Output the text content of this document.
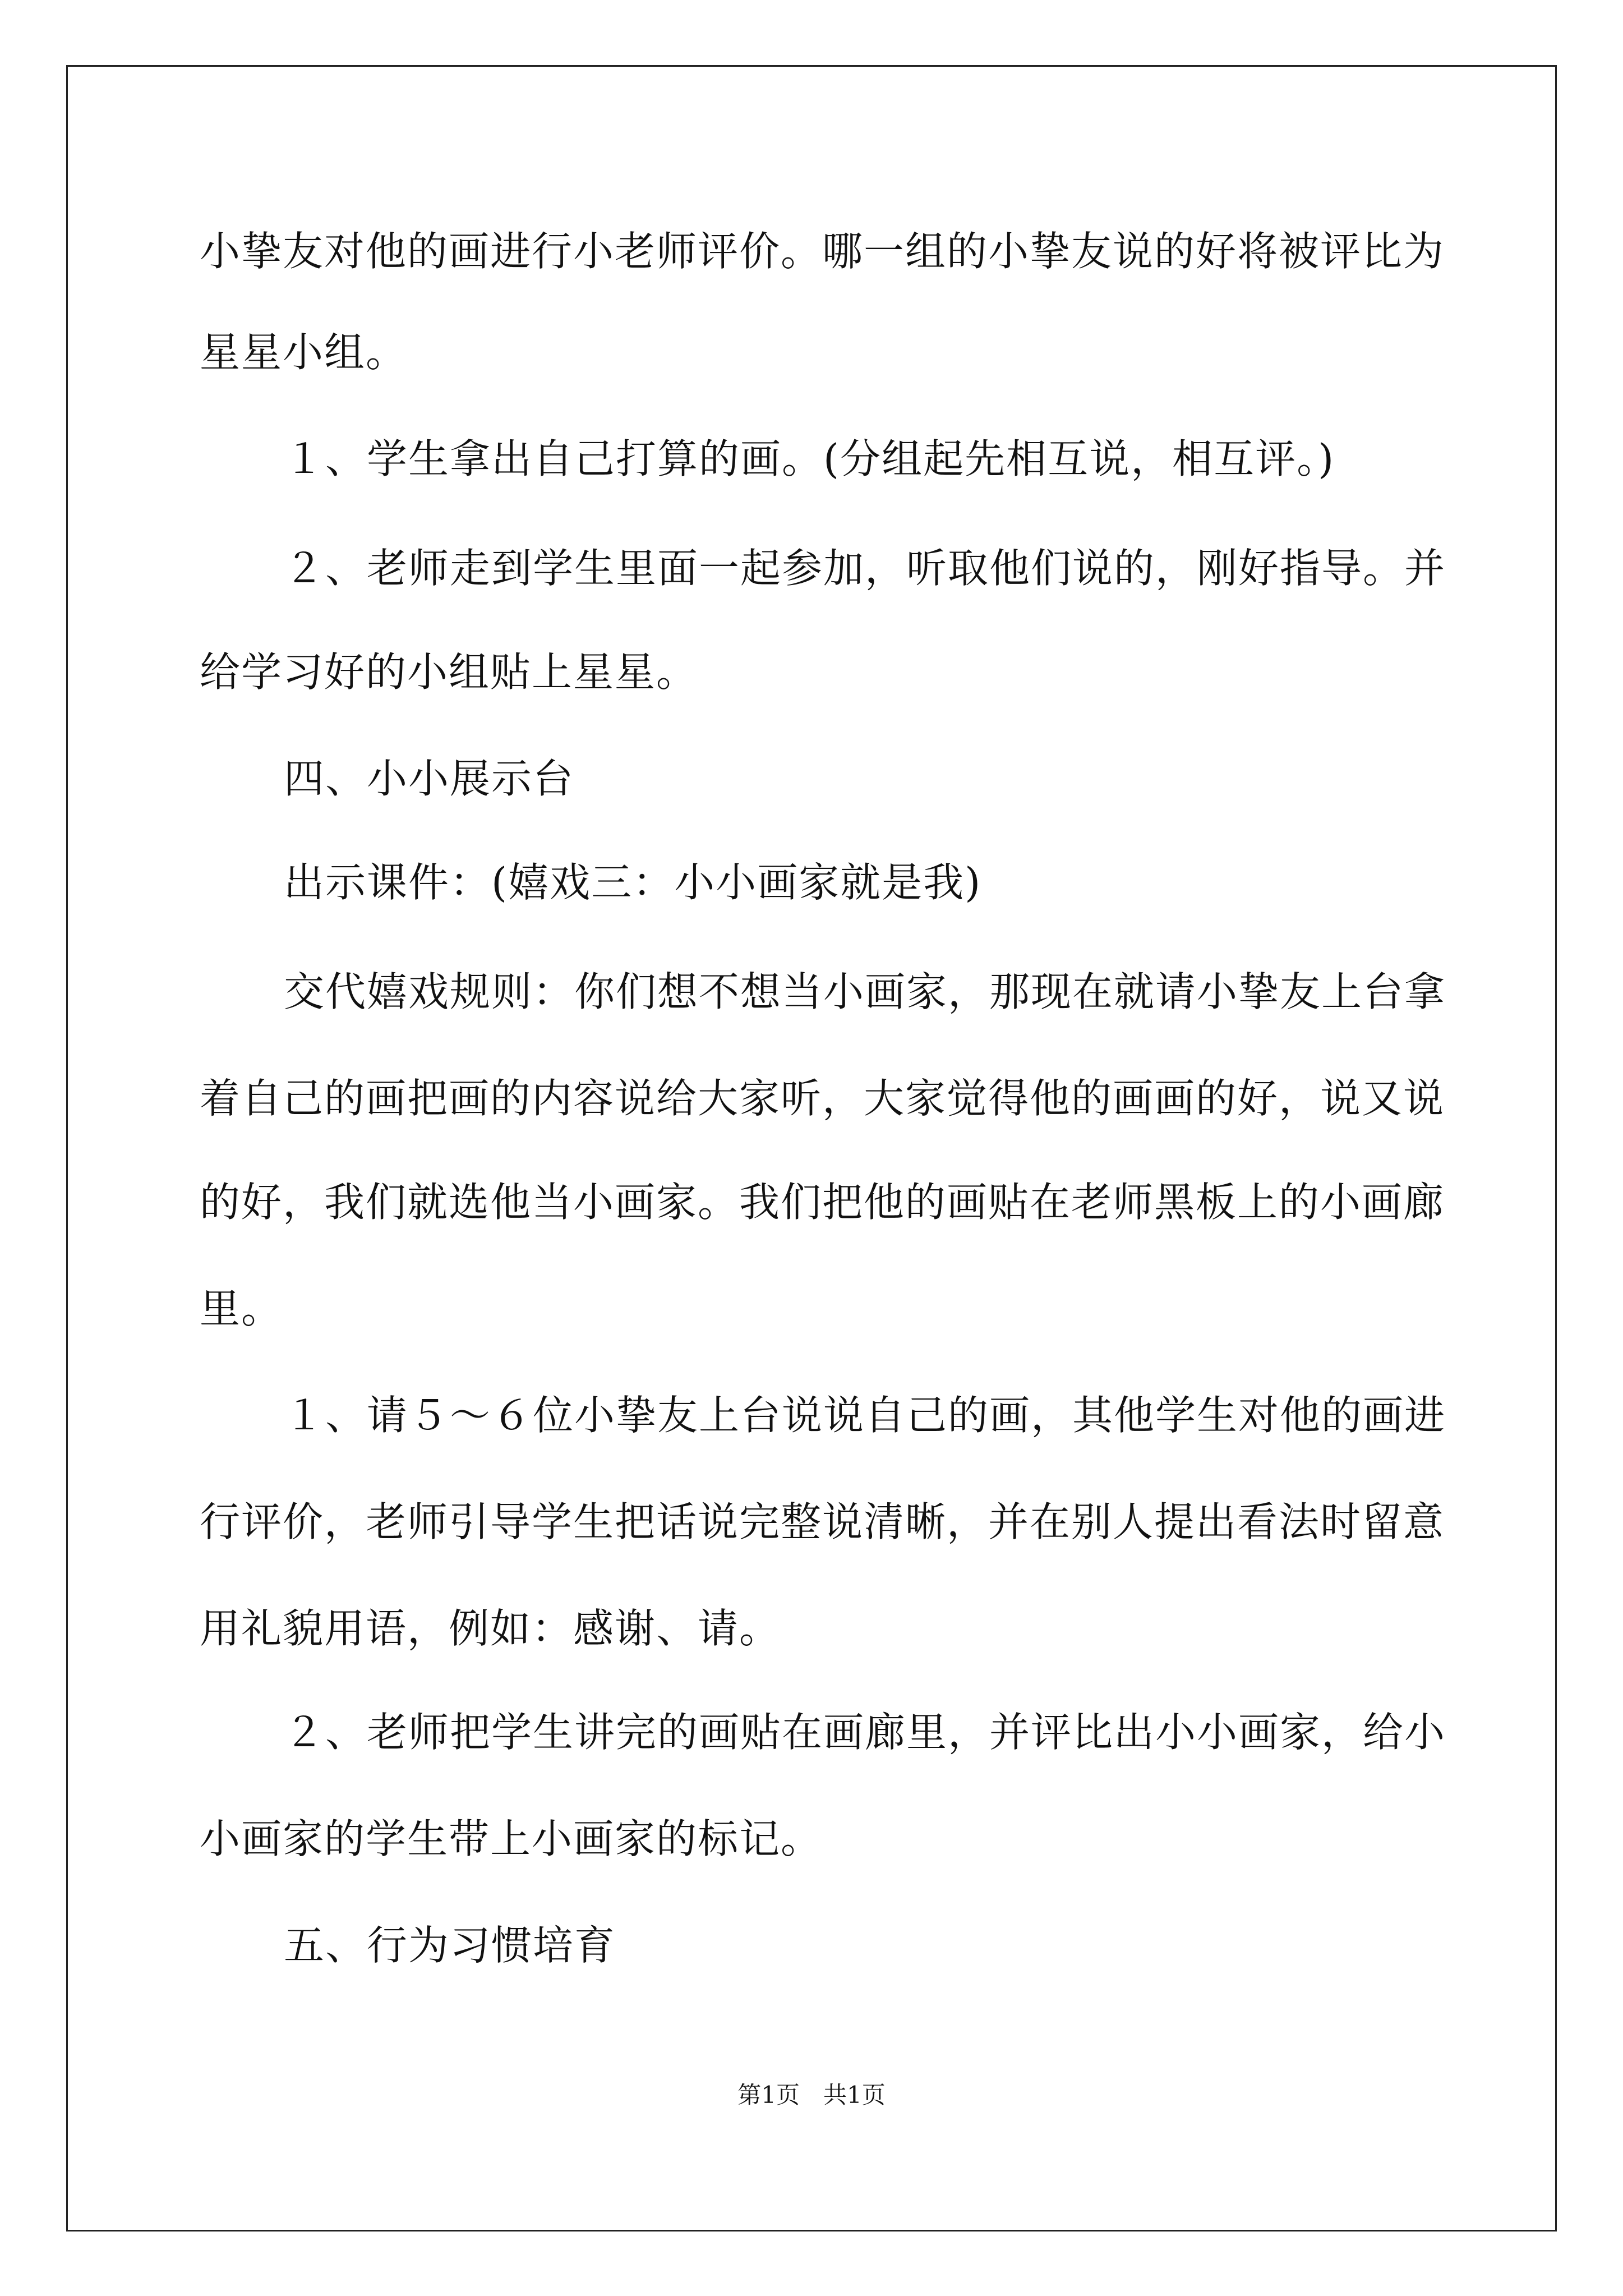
小挚友对他的画进行小老师评价。哪一组的小挚友说的好将被评比为
星星小组。
１、学生拿出自己打算的画。(分组起先相互说，相互评。)
２、老师走到学生里面一起参加，听取他们说的，刚好指导。并
给学习好的小组贴上星星。
四、小小展示台
出示课件：(嬉戏三：小小画家就是我)
交代嬉戏规则：你们想不想当小画家，那现在就请小挚友上台拿
着自己的画把画的内容说给大家听，大家觉得他的画画的好，说又说
的好，我们就选他当小画家。我们把他的画贴在老师黑板上的小画廊
里。
１、请５～６位小挚友上台说说自己的画，其他学生对他的画进
行评价，老师引导学生把话说完整说清晰，并在别人提出看法时留意
用礼貌用语，例如：感谢、请。
２、老师把学生讲完的画贴在画廊里，并评比出小小画家，给小
小画家的学生带上小画家的标记。
五、行为习惯培育
第1页　共1页
